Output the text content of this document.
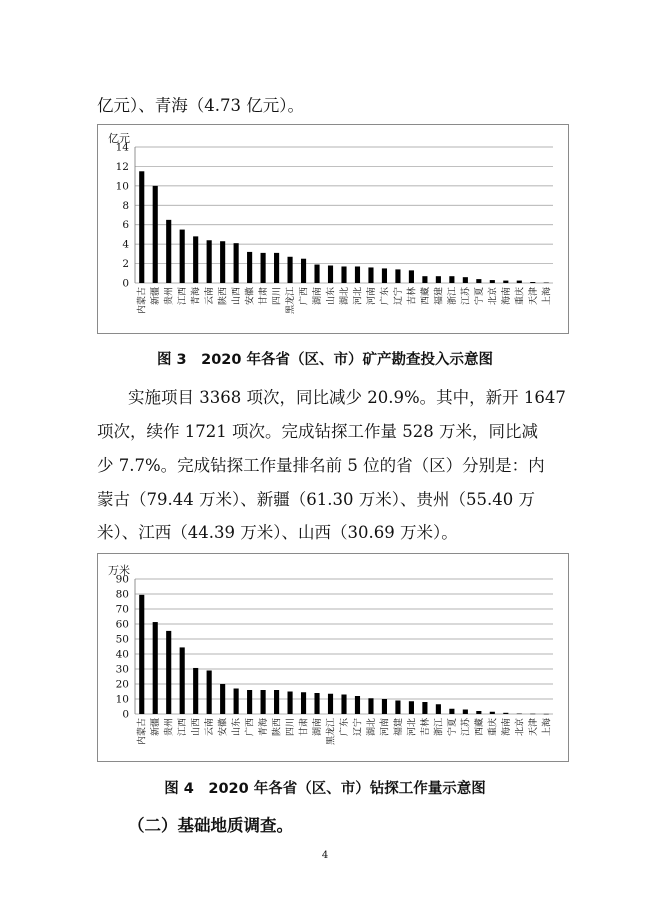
亿元）、青海（4.73 亿元）。
亿元
0
2
4
6
8
10
12
14
内蒙古 新疆 贵州 江西 青海 云南 陕西 山西 安徽 甘肃 四川 黑龙江 广西 湖南 山东 湖北 河北 河南 广东 辽宁 吉林 西藏 福建 浙江 江苏 宁夏 北京 海南 重庆 天津 上海
图 3　2020 年各省（区、市）矿产勘查投入示意图
实施项目 3368 项次，同比减少 20.9%。其中，新开 1647
项次，续作 1721 项次。完成钻探工作量 528 万米，同比减
少 7.7%。完成钻探工作量排名前 5 位的省（区）分别是：内
蒙古（79.44 万米）、新疆（61.30 万米）、贵州（55.40 万
米）、江西（44.39 万米）、山西（30.69 万米）。
万米
0
10
20
30
40
50
60
70
80
90
内蒙古 新疆 贵州 江西 山西 云南 安徽 山东 广西 青海 陕西 四川 甘肃 湖南 黑龙江 广东 辽宁 湖北 河南 福建 河北 吉林 浙江 宁夏 江苏 西藏 重庆 海南 北京 天津 上海
图 4　2020 年各省（区、市）钻探工作量示意图
（二）基础地质调查。
4
